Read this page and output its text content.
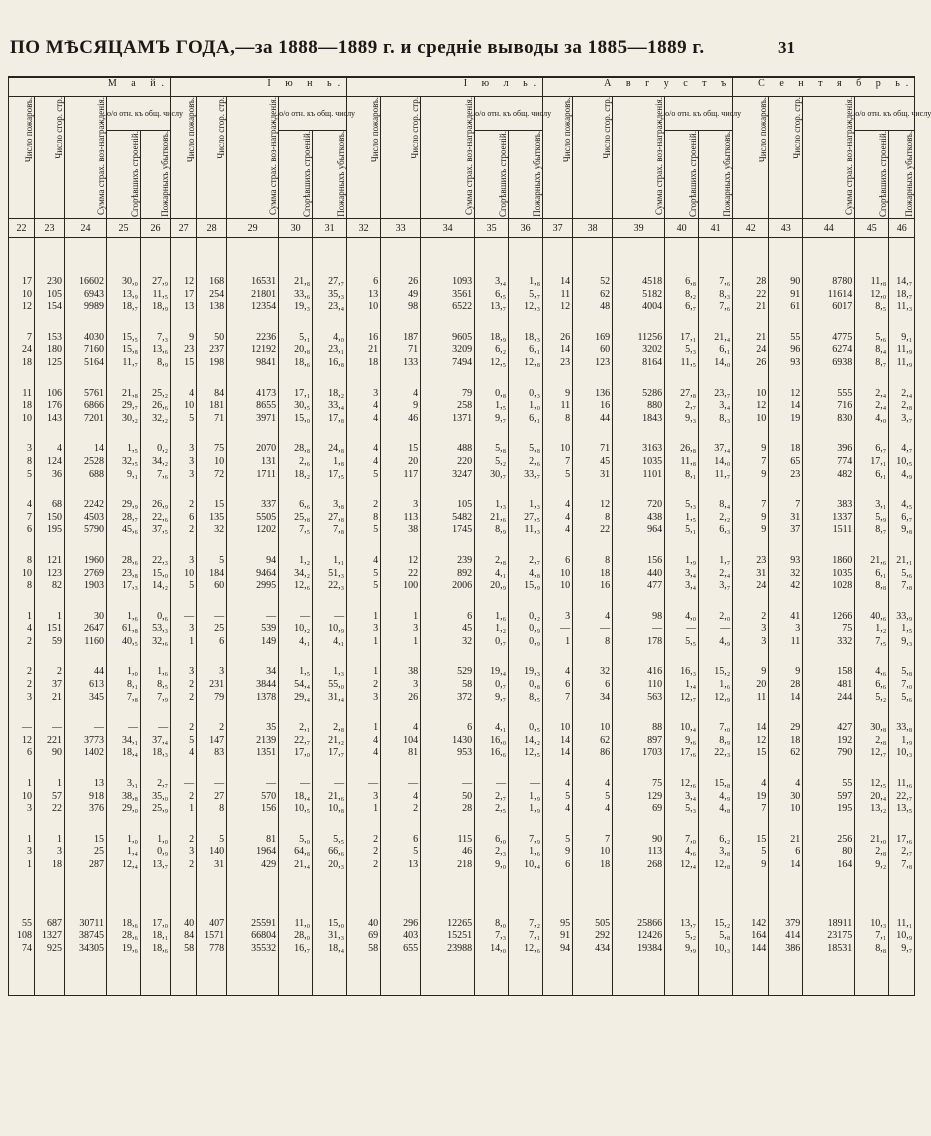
ПО МѢСЯЦАМЪ ГОДА,—за 1888—1889 г. и средніе выводы за 1885—1889 г.	31
М а й.					І ю н ь.					І ю л ь.					А в г у с т ъ					С е н т я б р ь.				
Число пожаровъ.	Число сгор. стр.	Сумма страх. воз-награжденія.	о/о отн. къ общ. числу		Число пожаровъ.	Число сгор. стр.	Сумма страх. воз-награжденія.	о/о отн. къ общ. числу		Число пожаровъ.	Число сгор. стр.	Сумма страх. воз-награжденія.	о/о отн. къ общ. числу		Число пожаровъ.	Число сгор. стр.	Сумма страх. воз-награжденія.	о/о отн. къ общ. числу		Число пожаровъ.	Число сгор. стр.	Сумма страх. воз-награжденія.	о/о отн. къ общ. числу	
			Сгорѣвшихъ строеній.	Пожарныхъ убытковъ.				Сгорѣвшихъ строеній.	Пожарныхъ убытковъ.				Сгорѣвшихъ строеній.	Пожарныхъ убытковъ.				Сгорѣвшихъ строеній.	Пожарныхъ убытковъ.				Сгорѣвшихъ строеній.	Пожарныхъ убытковъ.
22	23	24	25	26	27	28	29	30	31	32	33	34	35	36	37	38	39	40	41	42	43	44	45	46

17	230	16602	30,₀	27,₉	12	168	16531	21,₈	27,₇	6	26	1093	3,₄	1,₈	14	52	4518	6,₈	7,₆	28	90	8780	11,₈	14,₇
10	105	6943	13,₉	11,₅	17	254	21801	33,₆	35,₃	13	49	3561	6,₅	5,₇	11	62	5182	8,₂	8,₃	22	91	11614	12,₀	18,₇
12	154	9989	18,₇	18,₉	13	138	12354	19,₃	23,₄	10	98	6522	13,₇	12,₃	12	48	4004	6,₇	7,₆	21	61	6017	8,₅	11,₃

7	153	4030	15,₅	7,₃	9	50	2236	5,₁	4,₀	16	187	9605	18,₉	18,₃	26	169	11256	17,₁	21,₄	21	55	4775	5,₆	9,₁
24	180	7160	15,₈	13,₆	23	237	12192	20,₈	23,₁	21	71	3209	6,₂	6,₁	14	60	3202	5,₃	6,₁	24	96	6274	8,₄	11,₉
18	125	5164	11,₇	8,₉	15	198	9841	18,₆	16,₈	18	133	7494	12,₅	12,₈	23	123	8164	11,₅	14,₀	26	93	6938	8,₇	11,₉

11	106	5761	21,₈	25,₂	4	84	4173	17,₁	18,₂	3	4	79	0,₈	0,₃	9	136	5286	27,₈	23,₇	10	12	555	2,₄	2,₄
18	176	6866	29,₇	26,₆	10	181	8655	30,₅	33,₄	4	9	258	1,₅	1,₀	11	16	880	2,₇	3,₄	12	14	716	2,₄	2,₈
10	143	7201	30,₂	32,₂	5	71	3971	15,₀	17,₈	4	46	1371	9,₇	6,₁	8	44	1843	9,₃	8,₃	10	19	830	4,₀	3,₇

3	4	14	1,₅	0,₂	3	75	2070	28,₈	24,₈	4	15	488	5,₈	5,₈	10	71	3163	26,₈	37,₄	9	18	396	6,₇	4,₇
8	124	2528	32,₅	34,₂	3	10	131	2,₆	1,₈	4	20	220	5,₂	2,₆	7	45	1035	11,₈	14,₀	7	65	774	17,₁	10,₅
5	36	688	9,₁	7,₆	3	72	1711	18,₂	17,₅	5	117	3247	30,₇	33,₇	5	31	1101	8,₁	11,₇	9	23	482	6,₁	4,₉

4	68	2242	29,₉	26,₉	2	15	337	6,₆	3,₈	2	3	105	1,₃	1,₃	4	12	720	5,₃	8,₄	7	7	383	3,₁	4,₅
7	150	4503	28,₇	22,₆	6	135	5505	25,₈	27,₈	8	113	5482	21,₆	27,₅	4	8	438	1,₅	2,₂	9	31	1337	5,₉	6,₇
6	195	5790	45,₆	37,₅	2	32	1202	7,₅	7,₈	5	38	1745	8,₉	11,₃	4	22	964	5,₁	6,₃	9	37	1511	8,₇	9,₈

8	121	1960	28,₆	22,₃	3	5	94	1,₂	1,₁	4	12	239	2,₈	2,₇	6	8	156	1,₉	1,₇	23	93	1860	21,₆	21,₁
10	123	2769	23,₈	15,₀	10	184	9464	34,₂	51,₃	5	22	892	4,₁	4,₈	10	18	440	3,₄	2,₄	31	32	1035	6,₁	5,₆
8	82	1903	17,₃	14,₂	5	60	2995	12,₆	22,₃	5	100	2006	20,₉	15,₉	10	16	477	3,₄	3,₇	24	42	1028	8,₈	7,₈

1	1	30	1,₆	0,₆	—	—	—	—	—	1	1	6	1,₆	0,₂	3	4	98	4,₀	2,₀	2	41	1266	40,₆	33,₉
4	151	2647	61,₈	53,₃	3	25	539	10,₂	10,₉	3	3	45	1,₂	0,₉	—	—	—	—	—	3	3	75	1,₂	1,₅
2	59	1160	40,₅	32,₆	1	6	149	4,₁	4,₁	1	1	32	0,₇	0,₉	1	8	178	5,₅	4,₉	3	11	332	7,₅	9,₃

2	2	44	1,₀	1,₆	3	3	34	1,₅	1,₃	1	38	529	19,₄	19,₃	4	32	416	16,₃	15,₂	9	9	158	4,₆	5,₈
2	37	613	8,₁	8,₅	2	231	3844	54,₄	55,₀	2	3	58	0,₇	0,₈	6	6	110	1,₄	1,₆	20	28	481	6,₆	7,₀
3	21	345	7,₈	7,₉	2	79	1378	29,₄	31,₄	3	26	372	9,₇	8,₅	7	34	563	12,₇	12,₉	11	14	244	5,₂	5,₆

—	—	—	—	—	2	2	35	2,₁	2,₈	1	4	6	4,₁	0,₅	10	10	88	10,₄	7,₀	14	29	427	30,₈	33,₈
12	221	3773	34,₁	37,₄	5	147	2139	22,₇	21,₂	4	104	1430	16,₀	14,₂	14	62	897	9,₆	8,₉	12	18	192	2,₈	1,₉
6	90	1402	18,₄	18,₃	4	83	1351	17,₀	17,₇	4	81	953	16,₆	12,₅	14	86	1703	17,₆	22,₃	15	62	790	12,₇	10,₃

1	1	13	3,₁	2,₇	—	—	—	—	—	—	—	—	—	—	4	4	75	12,₆	15,₈	4	4	55	12,₅	11,₆
10	57	918	38,₈	35,₀	2	27	570	18,₄	21,₆	3	4	50	2,₇	1,₉	5	5	129	3,₄	4,₉	19	30	597	20,₄	22,₇
3	22	376	29,₀	25,₉	1	8	156	10,₅	10,₈	1	2	28	2,₅	1,₉	4	4	69	5,₃	4,₈	7	10	195	13,₂	13,₅

1	1	15	1,₀	1,₀	2	5	81	5,₀	5,₅	2	6	115	6,₀	7,₉	5	7	90	7,₀	6,₂	15	21	256	21,₀	17,₆
3	3	25	1,₄	0,₉	3	140	1964	64,₈	66,₆	2	5	46	2,₃	1,₆	9	10	113	4,₆	3,₈	5	6	80	2,₈	2,₇
1	18	287	12,₄	13,₇	2	31	429	21,₄	20,₃	2	13	218	9,₀	10,₄	6	18	268	12,₄	12,₈	9	14	164	9,₂	7,₈

55	687	30711	18,₆	17,₀	40	407	25591	11,₀	15,₀	40	296	12265	8,₀	7,₂	95	505	25866	13,₇	15,₂	142	379	18911	10,₃	11,₁
108	1327	38745	28,₆	18,₁	84	1571	66804	28,₀	31,₃	69	403	15251	7,₃	7,₁	91	292	12426	5,₂	5,₈	164	414	23175	7,₁	10,₉
74	925	34305	19,₆	18,₆	58	778	35532	16,₇	18,₄	58	655	23988	14,₀	12,₆	94	434	19384	9,₉	10,₃	144	386	18531	8,₈	9,₇
